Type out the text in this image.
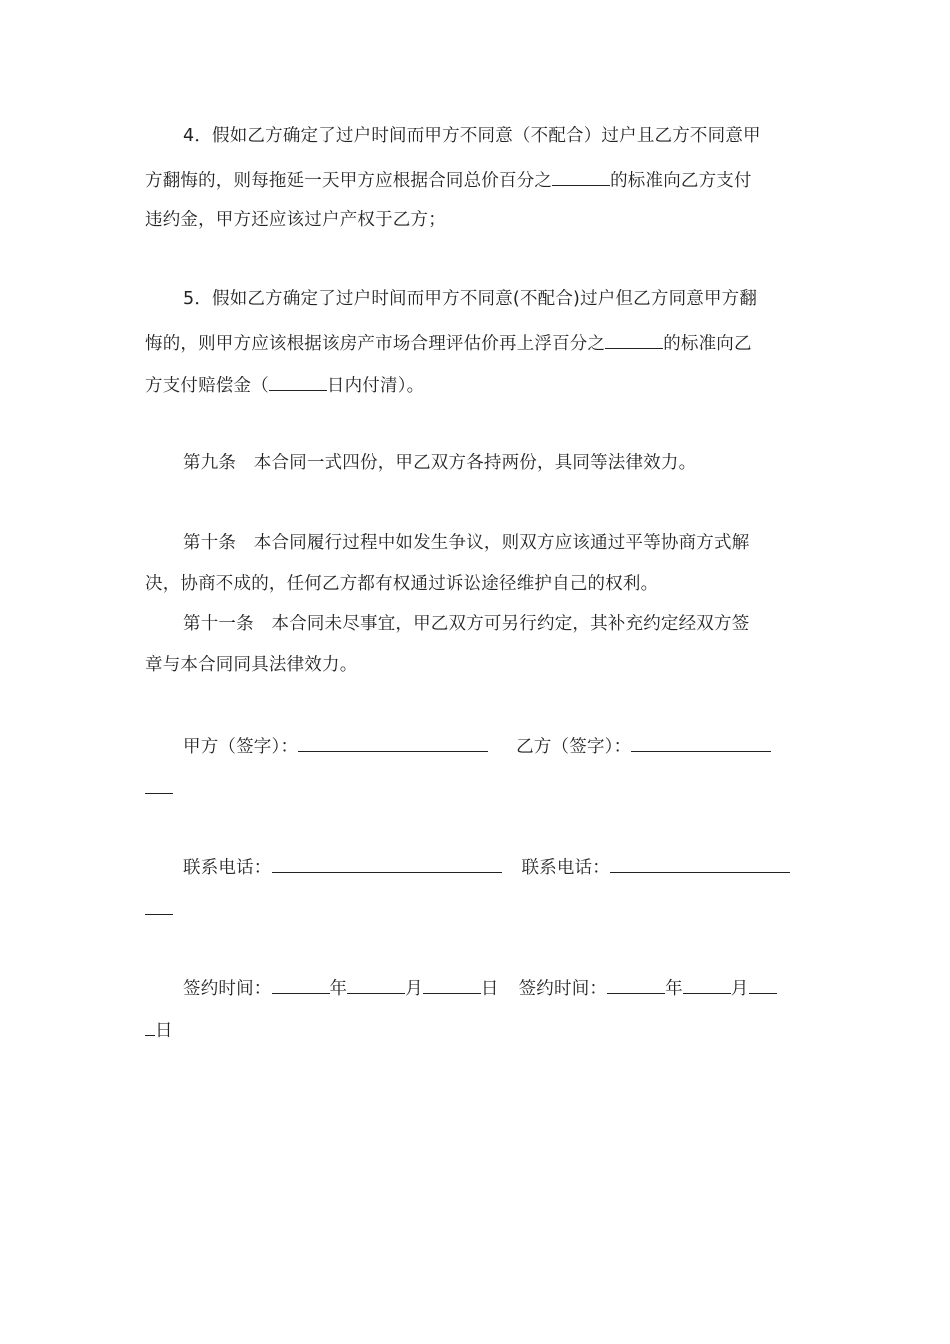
4．假如乙方确定了过户时间而甲方不同意（不配合）过户且乙方不同意甲
方翻悔的，则每拖延一天甲方应根据合同总价百分之	的标准向乙方支付
违约金，甲方还应该过户产权于乙方；
5．假如乙方确定了过户时间而甲方不同意(不配合)过户但乙方同意甲方翻
悔的，则甲方应该根据该房产市场合理评估价再上浮百分之	的标准向乙
方支付赔偿金（	日内付清）。
第九条　本合同一式四份，甲乙双方各持两份，具同等法律效力。
第十条　本合同履行过程中如发生争议，则双方应该通过平等协商方式解
决，协商不成的，任何乙方都有权通过诉讼途径维护自己的权利。
第十一条　本合同未尽事宜，甲乙双方可另行约定，其补充约定经双方签
章与本合同同具法律效力。
甲方（签字）：	乙方（签字）：
联系电话：	联系电话：
签约时间：	年	月	日 签约时间：	年	月
日
